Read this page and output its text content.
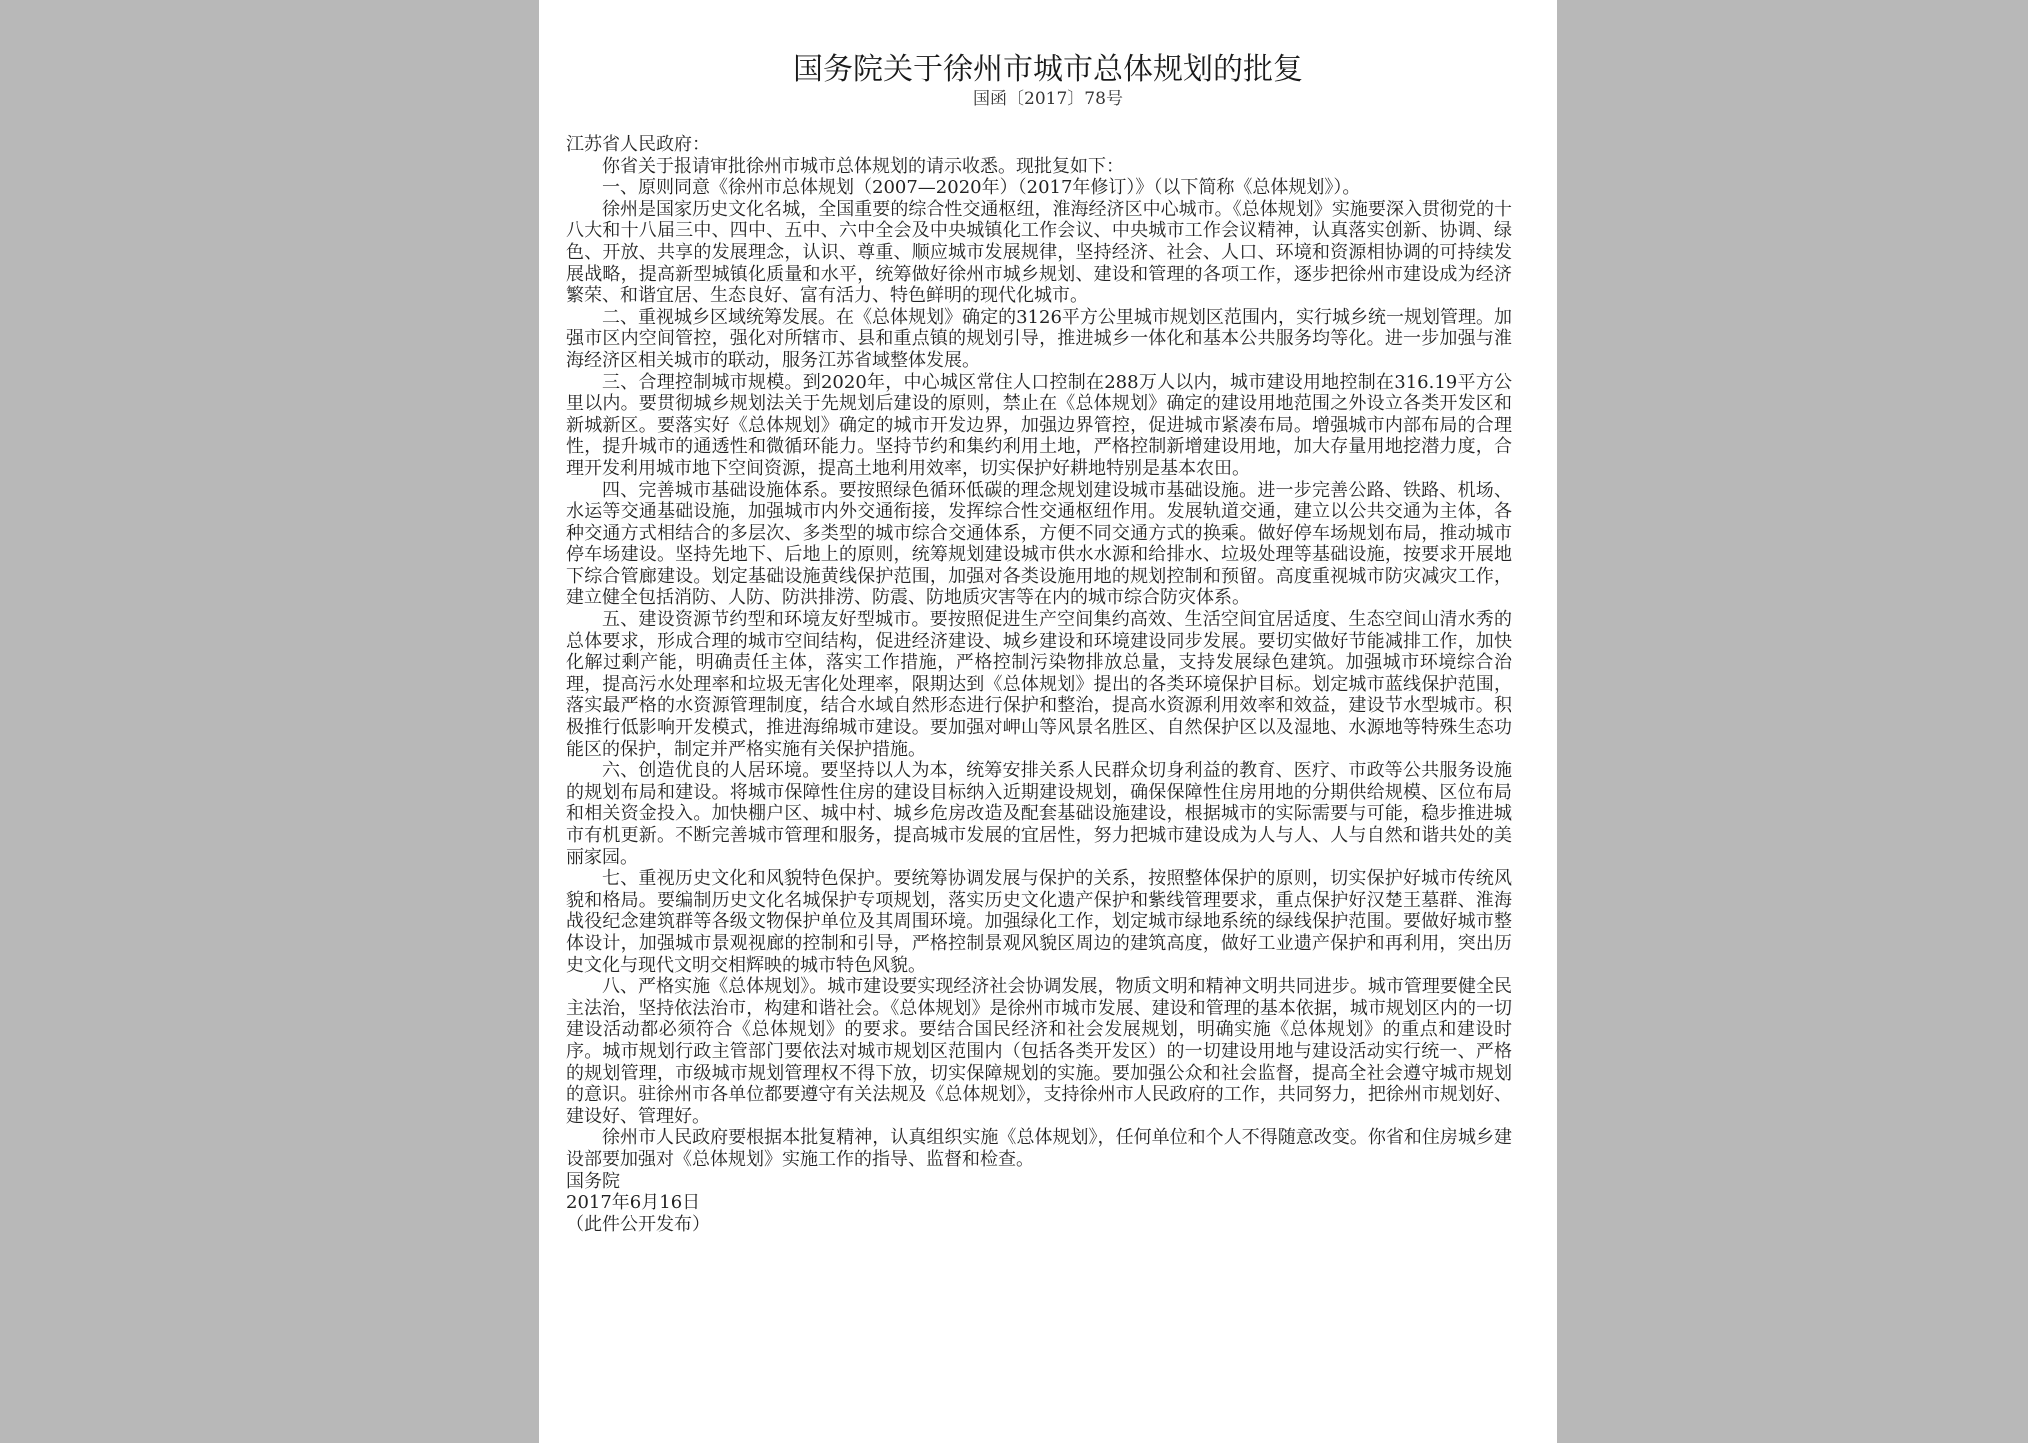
国务院关于徐州市城市总体规划的批复
国函〔2017〕78号

江苏省人民政府：

你省关于报请审批徐州市城市总体规划的请示收悉。现批复如下：

一、原则同意《徐州市总体规划（2007—2020年）（2017年修订）》（以下简称《总体规划》）。

徐州是国家历史文化名城，全国重要的综合性交通枢纽，淮海经济区中心城市。《总体规划》实施要深入贯彻党的十八大和十八届三中、四中、五中、六中全会及中央城镇化工作会议、中央城市工作会议精神，认真落实创新、协调、绿色、开放、共享的发展理念，认识、尊重、顺应城市发展规律，坚持经济、社会、人口、环境和资源相协调的可持续发展战略，提高新型城镇化质量和水平，统筹做好徐州市城乡规划、建设和管理的各项工作，逐步把徐州市建设成为经济繁荣、和谐宜居、生态良好、富有活力、特色鲜明的现代化城市。

二、重视城乡区域统筹发展。在《总体规划》确定的3126平方公里城市规划区范围内，实行城乡统一规划管理。加强市区内空间管控，强化对所辖市、县和重点镇的规划引导，推进城乡一体化和基本公共服务均等化。进一步加强与淮海经济区相关城市的联动，服务江苏省域整体发展。

三、合理控制城市规模。到2020年，中心城区常住人口控制在288万人以内，城市建设用地控制在316.19平方公里以内。要贯彻城乡规划法关于先规划后建设的原则，禁止在《总体规划》确定的建设用地范围之外设立各类开发区和新城新区。要落实好《总体规划》确定的城市开发边界，加强边界管控，促进城市紧凑布局。增强城市内部布局的合理性，提升城市的通透性和微循环能力。坚持节约和集约利用土地，严格控制新增建设用地，加大存量用地挖潜力度，合理开发利用城市地下空间资源，提高土地利用效率，切实保护好耕地特别是基本农田。

四、完善城市基础设施体系。要按照绿色循环低碳的理念规划建设城市基础设施。进一步完善公路、铁路、机场、水运等交通基础设施，加强城市内外交通衔接，发挥综合性交通枢纽作用。发展轨道交通，建立以公共交通为主体，各种交通方式相结合的多层次、多类型的城市综合交通体系，方便不同交通方式的换乘。做好停车场规划布局，推动城市停车场建设。坚持先地下、后地上的原则，统筹规划建设城市供水水源和给排水、垃圾处理等基础设施，按要求开展地下综合管廊建设。划定基础设施黄线保护范围，加强对各类设施用地的规划控制和预留。高度重视城市防灾减灾工作，建立健全包括消防、人防、防洪排涝、防震、防地质灾害等在内的城市综合防灾体系。

五、建设资源节约型和环境友好型城市。要按照促进生产空间集约高效、生活空间宜居适度、生态空间山清水秀的总体要求，形成合理的城市空间结构，促进经济建设、城乡建设和环境建设同步发展。要切实做好节能减排工作，加快化解过剩产能，明确责任主体，落实工作措施，严格控制污染物排放总量，支持发展绿色建筑。加强城市环境综合治理，提高污水处理率和垃圾无害化处理率，限期达到《总体规划》提出的各类环境保护目标。划定城市蓝线保护范围，落实最严格的水资源管理制度，结合水域自然形态进行保护和整治，提高水资源利用效率和效益，建设节水型城市。积极推行低影响开发模式，推进海绵城市建设。要加强对岬山等风景名胜区、自然保护区以及湿地、水源地等特殊生态功能区的保护，制定并严格实施有关保护措施。

六、创造优良的人居环境。要坚持以人为本，统筹安排关系人民群众切身利益的教育、医疗、市政等公共服务设施的规划布局和建设。将城市保障性住房的建设目标纳入近期建设规划，确保保障性住房用地的分期供给规模、区位布局和相关资金投入。加快棚户区、城中村、城乡危房改造及配套基础设施建设，根据城市的实际需要与可能，稳步推进城市有机更新。不断完善城市管理和服务，提高城市发展的宜居性，努力把城市建设成为人与人、人与自然和谐共处的美丽家园。

七、重视历史文化和风貌特色保护。要统筹协调发展与保护的关系，按照整体保护的原则，切实保护好城市传统风貌和格局。要编制历史文化名城保护专项规划，落实历史文化遗产保护和紫线管理要求，重点保护好汉楚王墓群、淮海战役纪念建筑群等各级文物保护单位及其周围环境。加强绿化工作，划定城市绿地系统的绿线保护范围。要做好城市整体设计，加强城市景观视廊的控制和引导，严格控制景观风貌区周边的建筑高度，做好工业遗产保护和再利用，突出历史文化与现代文明交相辉映的城市特色风貌。

八、严格实施《总体规划》。城市建设要实现经济社会协调发展，物质文明和精神文明共同进步。城市管理要健全民主法治，坚持依法治市，构建和谐社会。《总体规划》是徐州市城市发展、建设和管理的基本依据，城市规划区内的一切建设活动都必须符合《总体规划》的要求。要结合国民经济和社会发展规划，明确实施《总体规划》的重点和建设时序。城市规划行政主管部门要依法对城市规划区范围内（包括各类开发区）的一切建设用地与建设活动实行统一、严格的规划管理，市级城市规划管理权不得下放，切实保障规划的实施。要加强公众和社会监督，提高全社会遵守城市规划的意识。驻徐州市各单位都要遵守有关法规及《总体规划》，支持徐州市人民政府的工作，共同努力，把徐州市规划好、建设好、管理好。

徐州市人民政府要根据本批复精神，认真组织实施《总体规划》，任何单位和个人不得随意改变。你省和住房城乡建设部要加强对《总体规划》实施工作的指导、监督和检查。

国务院

2017年6月16日

（此件公开发布）
